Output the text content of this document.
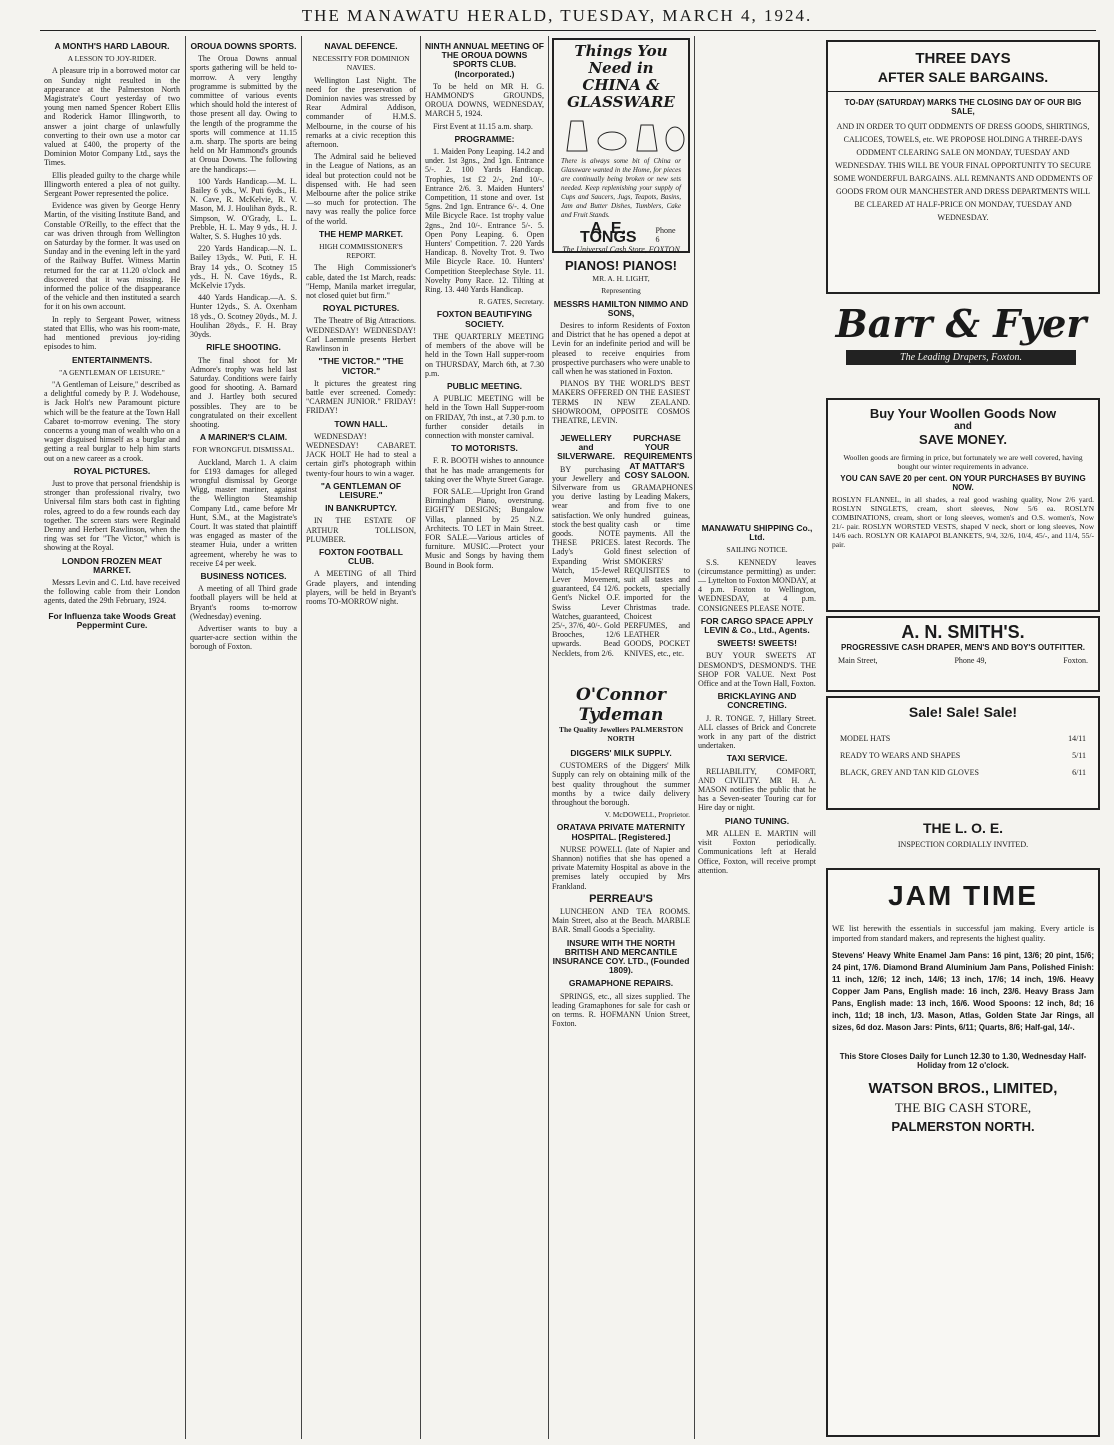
THE MANAWATU HERALD, TUESDAY, MARCH 4, 1924.
A MONTH'S HARD LABOUR.
A LESSON TO JOY-RIDER.

A pleasure trip in a borrowed motor car on Sunday night resulted in the appearance at the Palmerston North Magistrate's Court yesterday of two young men named Spencer Robert Ellis and Roderick Hamor Illingworth, to answer a joint charge of unlawfully converting to their own use a motor car valued at £400, the property of the Dominion Motor Company Ltd., says the Times.

Ellis pleaded guilty to the charge while Illingworth entered a plea of not guilty. Sergeant Power represented the police.

Evidence was given by George Henry Martin, of the visiting Institute Band, and Constable O'Reilly, to the effect that the car was driven through from Wellington on Saturday by the former. It was used on Sunday and in the evening left in the yard of the Railway Buffet. Witness Martin returned for the car at 11.20 o'clock and discovered that it was missing. He informed the police of the disappearance of the vehicle and then instituted a search for it on his own account.

In reply to Sergeant Power, witness stated that Ellis, who was his room-mate, had mentioned previous joy-riding episodes to him.

ENTERTAINMENTS.
"A GENTLEMAN OF LEISURE."

"A Gentleman of Leisure," described as a delightful comedy by P. J. Wodehouse, is Jack Holt's new Paramount picture which will be the feature at the Town Hall Cabaret to-morrow evening. The story concerns a young man of wealth who on a wager disguised himself as a burglar and getting a real burglar to help him starts out on a new career as a crook.

ROYAL PICTURES.

Just to prove that personal friendship is stronger than professional rivalry, two Universal film stars both cast in fighting roles, agreed to do a few rounds each day together. The screen stars were Reginald Denny and Herbert Rawlinson, when the ring was set for "The Victor," which is showing at the Royal.

LONDON FROZEN MEAT MARKET.

Messrs Levin and C. Ltd. have received the following cable from their London agents, dated the 29th February, 1924.

For Influenza take Woods Great Peppermint Cure.
OROUA DOWNS SPORTS.

The Oroua Downs annual sports gathering will be held to-morrow. A very lengthy programme is submitted by the committee of various events which should hold the interest of those present all day. Owing to the length of the programme the sports will commence at 11.15 a.m. sharp. The sports are being held on Mr Hammond's grounds at Oroua Downs. The following are the handicaps:—

100 Yards Handicap.—M. L. Bailey 6 yds., W. Puti 6yds., H. N. Cave, R. McKelvie, R. V. Mason, M. J. Houlihan 8yds., R. Simpson, W. O'Grady, L. L. Prebble, H. L. May 9 yds., H. J. Walter, S. S. Hughes 10 yds.

220 Yards Handicap.—N. L. Bailey 13yds., W. Puti, F. H. Bray 14 yds., O. Scotney 15 yds., H. N. Cave 16yds., R. McKelvie 17yds.

440 Yards Handicap.—A. S. Hunter 12yds., S. A. Oxenham 18 yds., O. Scotney 20yds., M. J. Houlihan 28yds., F. H. Bray 30yds.

RIFLE SHOOTING.

The final shoot for Mr Admore's trophy was held last Saturday. Conditions were fairly good for shooting. A. Barnard and J. Hartley both secured possibles. They are to be congratulated on their excellent shooting.

A MARINER'S CLAIM.
FOR WRONGFUL DISMISSAL.

Auckland, March 1. A claim for £193 damages for alleged wrongful dismissal by George Wigg, master mariner, against the Wellington Steamship Company Ltd., came before Mr Hunt, S.M., at the Magistrate's Court. It was stated that plaintiff was engaged as master of the steamer Huia, under a written agreement, whereby he was to receive £4 per week.

BUSINESS NOTICES.

A meeting of all Third grade football players will be held at Bryant's rooms to-morrow (Wednesday) evening.

Advertiser wants to buy a quarter-acre section within the borough of Foxton.

NAVAL DEFENCE.
NECESSITY FOR DOMINION NAVIES.

Wellington Last Night. The need for the preservation of Dominion navies was stressed by Rear Admiral Addison, commander of H.M.S. Melbourne, in the course of his remarks at a civic reception this afternoon.

The Admiral said he believed in the League of Nations, as an ideal but protection could not be dispensed with. He had seen Melbourne after the police strike—so much for protection. The navy was really the police force of the world.

THE HEMP MARKET.
HIGH COMMISSIONER'S REPORT.

The High Commissioner's cable, dated the 1st March, reads: "Hemp, Manila market irregular, not closed quiet but firm."

ROYAL PICTURES.

The Theatre of Big Attractions. WEDNESDAY! WEDNESDAY! Carl Laemmle presents Herbert Rawlinson in

"THE VICTOR." "THE VICTOR."

It pictures the greatest ring battle ever screened. Comedy: "CARMEN JUNIOR." FRIDAY! FRIDAY!

TOWN HALL.

WEDNESDAY! WEDNESDAY! CABARET. JACK HOLT He had to steal a certain girl's photograph within twenty-four hours to win a wager.

"A GENTLEMAN OF LEISURE."
IN BANKRUPTCY.

IN THE ESTATE OF ARTHUR TOLLISON, PLUMBER.

FOXTON FOOTBALL CLUB.

A MEETING of all Third Grade players, and intending players, will be held in Bryant's rooms TO-MORROW night.

NINTH ANNUAL MEETING OF THE OROUA DOWNS SPORTS CLUB. (Incorporated.)

To be held on MR H. G. HAMMOND'S GROUNDS, OROUA DOWNS, WEDNESDAY, MARCH 5, 1924.

First Event at 11.15 a.m. sharp.

PROGRAMME:

1. Maiden Pony Leaping. 14.2 and under. 1st 3gns., 2nd 1gn. Entrance 5/-. 2. 100 Yards Handicap. Trophies, 1st £2 2/-, 2nd 10/-. Entrance 2/6. 3. Maiden Hunters' Competition, 11 stone and over. 1st 5gns. 2nd 1gn. Entrance 6/-. 4. One Mile Bicycle Race. 1st trophy value 2gns., 2nd 10/-. Entrance 5/-. 5. Open Pony Leaping. 6. Open Hunters' Competition. 7. 220 Yards Handicap. 8. Novelty Trot. 9. Two Mile Bicycle Race. 10. Hunters' Competition Steeplechase Style. 11. Novelty Pony Race. 12. Tilting at Ring. 13. 440 Yards Handicap.

R. GATES, Secretary.
FOXTON BEAUTIFYING SOCIETY.

THE QUARTERLY MEETING of members of the above will be held in the Town Hall supper-room on THURSDAY, March 6th, at 7.30 p.m.

PUBLIC MEETING.

A PUBLIC MEETING will be held in the Town Hall Supper-room on FRIDAY, 7th inst., at 7.30 p.m. to further consider details in connection with monster carnival.

TO MOTORISTS.

F. R. BOOTH wishes to announce that he has made arrangements for taking over the Whyte Street Garage.

FOR SALE.—Upright Iron Grand Birmingham Piano, overstrung. EIGHTY DESIGNS; Bungalow Villas, planned by 25 N.Z. Architects. TO LET in Main Street. FOR SALE.—Various articles of furniture. MUSIC.—Protect your Music and Songs by having them Bound in Book form.

Things You Need in CHINA & GLASSWARE
There is always some bit of China or Glassware wanted in the Home, for pieces are continually being broken or new sets needed. Keep replenishing your supply of Cups and Saucers, Jugs, Teapots, Basins, Jam and Butter Dishes, Tumblers, Cake and Fruit Stands.
A. E. TONGS	Phone 6
The Universal Cash Store, FOXTON
PIANOS! PIANOS!
MR. A. H. LIGHT,
Representing
MESSRS HAMILTON NIMMO AND SONS,

Desires to inform Residents of Foxton and District that he has opened a depot at Levin for an indefinite period and will be pleased to receive enquiries from prospective purchasers who were unable to call when he was stationed in Foxton.

PIANOS BY THE WORLD'S BEST MAKERS OFFERED ON THE EASIEST TERMS IN NEW ZEALAND. SHOWROOM, OPPOSITE COSMOS THEATRE, LEVIN.

JEWELLERY and SILVERWARE.

BY purchasing your Jewellery and Silverware from us you derive lasting wear and satisfaction. We only stock the best quality goods. NOTE THESE PRICES. Lady's Gold Expanding Wrist Watch, 15-Jewel Lever Movement, guaranteed, £4 12/6. Gent's Nickel O.F. Swiss Lever Watches, guaranteed, 25/-, 37/6, 40/-. Gold Brooches, 12/6 upwards. Bead Necklets, from 2/6.

O'Connor Tydeman
The Quality Jewellers PALMERSTON NORTH
DIGGERS' MILK SUPPLY.

CUSTOMERS of the Diggers' Milk Supply can rely on obtaining milk of the best quality throughout the summer months by a twice daily delivery throughout the borough.

V. McDOWELL, Proprietor.
ORATAVA PRIVATE MATERNITY HOSPITAL. [Registered.]

NURSE POWELL (late of Napier and Shannon) notifies that she has opened a private Maternity Hospital as above in the premises lately occupied by Mrs Frankland.

PERREAU'S

LUNCHEON AND TEA ROOMS. Main Street, also at the Beach. MARBLE BAR. Small Goods a Speciality.

INSURE WITH THE NORTH BRITISH AND MERCANTILE INSURANCE COY. LTD., (Founded 1809).
GRAMAPHONE REPAIRS.

SPRINGS, etc., all sizes supplied. The leading Gramaphones for sale for cash or on terms. R. HOFMANN Union Street, Foxton.

PURCHASE YOUR REQUIREMENTS AT MATTAR'S COSY SALOON.

GRAMAPHONES by Leading Makers, from five to one hundred guineas, cash or time payments. All the latest Records. The finest selection of SMOKERS' REQUISITES to suit all tastes and pockets, specially imported for the Christmas trade. Choicest PERFUMES, and LEATHER GOODS, POCKET KNIVES, etc., etc.

MANAWATU SHIPPING Co., Ltd.
SAILING NOTICE.

S.S. KENNEDY leaves (circumstance permitting) as under:— Lyttelton to Foxton MONDAY, at 4 p.m. Foxton to Wellington, WEDNESDAY, at 4 p.m. CONSIGNEES PLEASE NOTE.

FOR CARGO SPACE APPLY LEVIN & Co., Ltd., Agents.
SWEETS! SWEETS!

BUY YOUR SWEETS AT DESMOND'S, DESMOND'S. THE SHOP FOR VALUE. Next Post Office and at the Town Hall, Foxton.

BRICKLAYING AND CONCRETING.

J. R. TONGE. 7, Hillary Street. ALL classes of Brick and Concrete work in any part of the district undertaken.

TAXI SERVICE.

RELIABILITY, COMFORT, AND CIVILITY. MR H. A. MASON notifies the public that he has a Seven-seater Touring car for Hire day or night.

PIANO TUNING.

MR ALLEN E. MARTIN will visit Foxton periodically. Communications left at Herald Office, Foxton, will receive prompt attention.

THREE DAYS
AFTER SALE BARGAINS.
TO-DAY (SATURDAY) MARKS THE CLOSING DAY OF OUR BIG SALE,
AND IN ORDER TO QUIT ODDMENTS OF DRESS GOODS, SHIRTINGS, CALICOES, TOWELS, etc. WE PROPOSE HOLDING A THREE-DAYS ODDMENT CLEARING SALE ON MONDAY, TUESDAY AND WEDNESDAY. THIS WILL BE YOUR FINAL OPPORTUNITY TO SECURE SOME WONDERFUL BARGAINS. ALL REMNANTS AND ODDMENTS OF GOODS FROM OUR MANCHESTER AND DRESS DEPARTMENTS WILL BE CLEARED AT HALF-PRICE ON MONDAY, TUESDAY AND WEDNESDAY.
Barr & Fyer
The Leading Drapers, Foxton.
Buy Your Woollen Goods Now
and
SAVE MONEY.
Woollen goods are firming in price, but fortunately we are well covered, having bought our winter requirements in advance.
YOU CAN SAVE 20 per cent. ON YOUR PURCHASES BY BUYING NOW.
ROSLYN FLANNEL, in all shades, a real good washing quality, Now 2/6 yard. ROSLYN SINGLETS, cream, short sleeves, Now 5/6 ea. ROSLYN COMBINATIONS, cream, short or long sleeves, women's and O.S. women's, Now 21/- pair. ROSLYN WORSTED VESTS, shaped V neck, short or long sleeves, Now 14/6 each. ROSLYN OR KAIAPOI BLANKETS, 9/4, 32/6, 10/4, 45/-, and 11/4, 55/- pair.
A. N. SMITH'S.
PROGRESSIVE CASH DRAPER, MEN'S AND BOY'S OUTFITTER.
Main Street,	Phone 49,	Foxton.
Sale! Sale! Sale!
MODEL HATS	14/11
READY TO WEARS AND SHAPES	5/11
BLACK, GREY AND TAN KID GLOVES	6/11
THE L. O. E.
INSPECTION CORDIALLY INVITED.
JAM TIME
WE list herewith the essentials in successful jam making. Every article is imported from standard makers, and represents the highest quality.
Stevens' Heavy White Enamel Jam Pans: 16 pint, 13/6; 20 pint, 15/6; 24 pint, 17/6. Diamond Brand Aluminium Jam Pans, Polished Finish: 11 inch, 12/6; 12 inch, 14/6; 13 inch, 17/6; 14 inch, 19/6. Heavy Copper Jam Pans, English made: 16 inch, 23/6. Heavy Brass Jam Pans, English made: 13 inch, 16/6. Wood Spoons: 12 inch, 8d; 16 inch, 11d; 18 inch, 1/3. Mason, Atlas, Golden State Jar Rings, all sizes, 6d doz. Mason Jars: Pints, 6/11; Quarts, 8/6; Half-gal, 14/-.
This Store Closes Daily for Lunch 12.30 to 1.30, Wednesday Half-Holiday from 12 o'clock.
WATSON BROS., LIMITED,
THE BIG CASH STORE,
PALMERSTON NORTH.
